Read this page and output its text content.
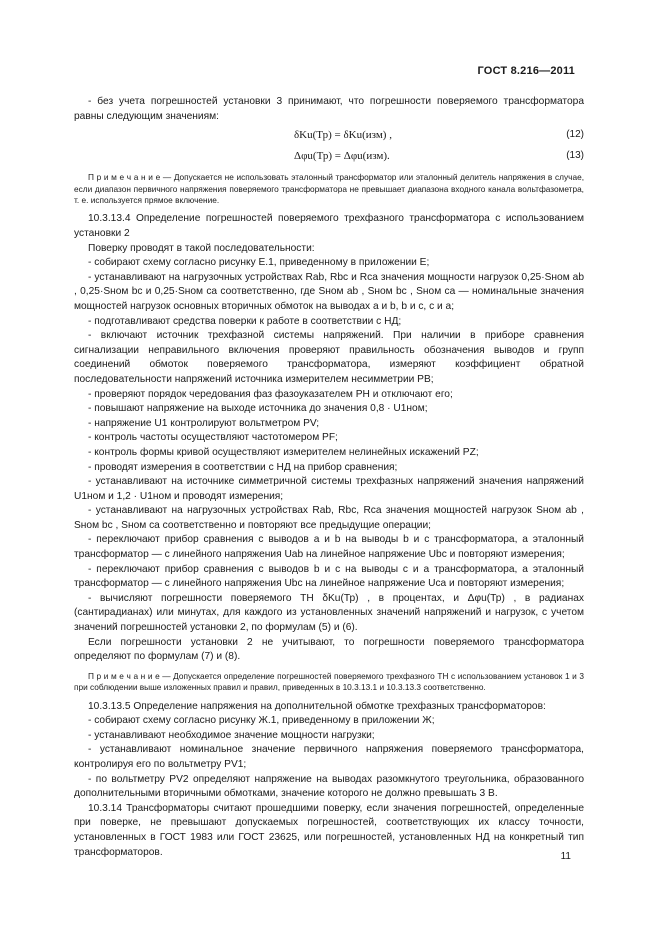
ГОСТ 8.216—2011

- без учета погрешностей установки 3 принимают, что погрешности поверяемого трансформатора равны следующим значениям:

δKu(Тр) = δKu(изм) ,	(12)
Δφu(Тр) = Δφu(изм).	(13)

П р и м е ч а н и е — Допускается не использовать эталонный трансформатор или эталонный делитель напряжения в случае, если диапазон первичного напряжения поверяемого трансформатора не превышает диапазона входного канала вольтфазометра, т. е. используется прямое включение.

10.3.13.4 Определение погрешностей поверяемого трехфазного трансформатора с использованием установки 2

Поверку проводят в такой последовательности:

- собирают схему согласно рисунку Е.1, приведенному в приложении Е;

- устанавливают на нагрузочных устройствах Rab, Rbc и Rca значения мощности нагрузок 0,25·Sном ab , 0,25·Sном bc и 0,25·Sном ca соответственно, где Sном ab , Sном bc , Sном ca — номинальные значения мощностей нагрузок основных вторичных обмоток на выводах a и b, b и c, c и a;

- подготавливают средства поверки к работе в соответствии с НД;

- включают источник трехфазной системы напряжений. При наличии в приборе сравнения сигнализации неправильного включения проверяют правильность обозначения выводов и групп соединений обмоток поверяемого трансформатора, измеряют коэффициент обратной последовательности напряжений источника измерителем несимметрии PB;

- проверяют порядок чередования фаз фазоуказателем PH и отключают его;

- повышают напряжение на выходе источника до значения 0,8 · U1ном;

- напряжение U1 контролируют вольтметром PV;

- контроль частоты осуществляют частотомером PF;

- контроль формы кривой осуществляют измерителем нелинейных искажений PZ;

- проводят измерения в соответствии с НД на прибор сравнения;

- устанавливают на источнике симметричной системы трехфазных напряжений значения напряжений U1ном и 1,2 · U1ном и проводят измерения;

- устанавливают на нагрузочных устройствах Rab, Rbc, Rca значения мощностей нагрузок Sном ab , Sном bc , Sном ca соответственно и повторяют все предыдущие операции;

- переключают прибор сравнения с выводов a и b на выводы b и c трансформатора, а эталонный трансформатор — с линейного напряжения Uab на линейное напряжение Ubc и повторяют измерения;

- переключают прибор сравнения с выводов b и c на выводы c и a трансформатора, а эталонный трансформатор — с линейного напряжения Ubc на линейное напряжение Uca и повторяют измерения;

- вычисляют погрешности поверяемого ТН δKu(Тр) , в процентах, и Δφu(Тр) , в радианах (сантирадианах) или минутах, для каждого из установленных значений напряжений и нагрузок, с учетом значений погрешностей установки 2, по формулам (5) и (6).

Если погрешности установки 2 не учитывают, то погрешности поверяемого трансформатора определяют по формулам (7) и (8).

П р и м е ч а н и е — Допускается определение погрешностей поверяемого трехфазного ТН с использованием установок 1 и 3 при соблюдении выше изложенных правил и правил, приведенных в 10.3.13.1 и 10.3.13.3 соответственно.

10.3.13.5 Определение напряжения на дополнительной обмотке трехфазных трансформаторов:

- собирают схему согласно рисунку Ж.1, приведенному в приложении Ж;

- устанавливают необходимое значение мощности нагрузки;

- устанавливают номинальное значение первичного напряжения поверяемого трансформатора, контролируя его по вольтметру PV1;

- по вольтметру PV2 определяют напряжение на выводах разомкнутого треугольника, образованного дополнительными вторичными обмотками, значение которого не должно превышать 3 В.

10.3.14 Трансформаторы считают прошедшими поверку, если значения погрешностей, определенные при поверке, не превышают допускаемых погрешностей, соответствующих их классу точности, установленных в ГОСТ 1983 или ГОСТ 23625, или погрешностей, установленных НД на конкретный тип трансформаторов.	11
